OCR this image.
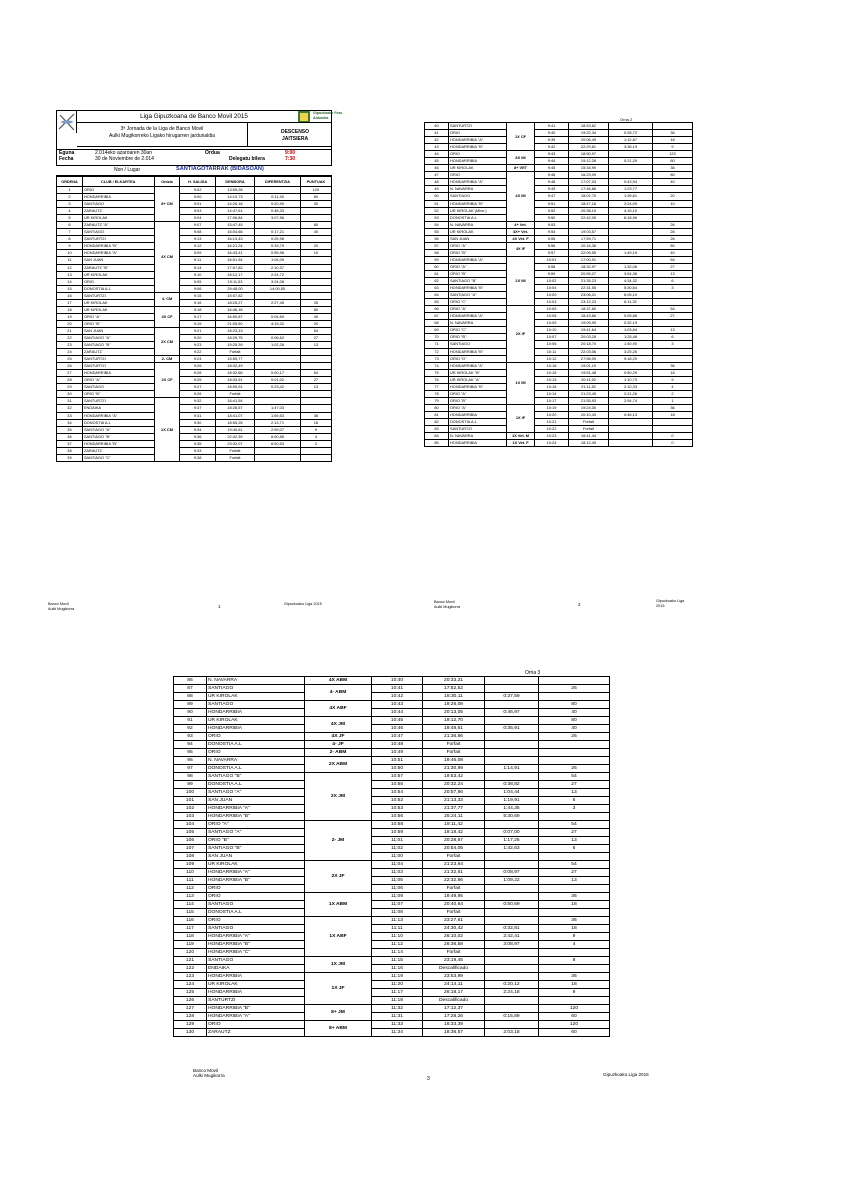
Liga Gipuzkoana de Banco Movil 2015	Gipuzkoako Foru Aldundia
3ª Jornada de la Liga de Banco Movil
Aulki Mugikorreko Ligako hirugarren jardunaldia
DESCENSO
JAITSIERA
Eguna	2.014eko azaroaren 30an	Ordua	9:00
Fecha	30 de Noviembre de 2.014	Delegatu bilera	7:30
Non / Lugar	SANTIAGOTARRAK (BIDASOAN)
ORDENA	CLUB / ELKARTEA	Ontzia	H. SALIDA	DENBORA	DIFERENTZIA	PUNTUAK
1	ORIO	8+ CM	9:02	13:59,28		120
2	HONDARRIBIA		9:00	14:10,73	0:11,45	60
3	SANTIAGO		9:01	14:26,18	0:20,90	30
4	ZARAUTZ		9:03	14:47,61	0:48,33	
5	UR KIROLAK		9:04	17:06,84	3:07,56	
6	ZARAUTZ "A"	4X CM	9:07	15:47,45		80
7	SANTIAGO		9:08	16:04,66	0:17,21	40
8	SANTURTZI		9:13	16:13,43	0:25,98	
9	HONDARRIBIA "B"		9:12	16:21,24	0:33,79	20
10	HONDARRIBIA "A"		9:09	16:43,41	0:55,96	10
11	SAN JUAN		9:11	16:51,54	1:04,09	
12	ZARAUTZ "B"		9:14	17:57,82	2:10,37	
13	UR KIROLAK		9:10	18:12,17	2:24,72	
14	ORIO		9:05	19:11,53	3:24,08	
15	DONOSTIA A.L		9:06	29:48,00	14:00,55	
16	SANTURTZI	4- CM	9:15	15:57,82		
17	UR KIROLAK		9:16	18:25,27	2:27,45	26
18	UR KIROLAK	4X CF	9:18	16:46,18		80
19	ORIO "A"		9:17	16:50,87	0:04,69	40
20	ORIO "B"		9:19	21:05,50	4:19,32	20
21	SAN JUAN	2X CM	9:21	18:23,13		54
22	SANTIAGO "A"		9:20	18:29,75	0:06,62	27
23	SANTIAGO "B"		9:23	19:25,39	1:02,26	13
24	ZARAUTZ		9:22	Forfait		
25	SANTURTZI	2- CM	9:24	15:55,77		
26	SANTURTZI	2X CF	9:26	18:32,49		
27	HONDARRIBIA		9:28	18:32,66	0:00,17	54
28	ORIO "A"		9:25	18:33,51	0:01,02	27
29	SANTIAGO		9:27	18:55,91	0:23,42	13
30	ORIO "B"		9:26	Forfait		
31	SANTURTZI	1X CM	9:32	16:41,54		
32	ENDAIKA		9:37	18:28,57	1:47,03	
33	HONDARRIBIA "A"		9:31	18:41,07	1:59,53	36
34	DONOSTIA A.L		9:30	18:55,25	2:13,71	18
35	SANTIAGO "A"		9:34	19:40,61	2:59,07	9
36	SANTIAGO "B"		9:36	22:42,39	6:00,85	4
37	HONDARRIBIA "B"		9:35	23:32,07	6:50,53	2
38	ZARAUTZ		9:33	Forfait		
39	SANTIAGO "C"		9:38	Forfait		
Banco Movil
Aulki Mugikorra	1	Gipuzkoako Liga 2015
Orria 2
40	SANTURTZI	1X CF	9:41	18:53,62		
41	ORIO		9:40	19:22,34	0:28,72	36
42	HONDARRIBIA "A"		9:39	20:06,49	1:12,87	18
43	HONDARRIBIA "B"		9:42	22:29,81	3:36,19	9
44	ORIO	8X IM	9:43	18:50,97		120
45	HONDARRIBIA		9:44	19:12,26	0:21,29	60
46	UR KIROLAK	8+ VET	9:45	15:34,99		36
47	ORIO	4X IM	9:46	16:23,09		80
48	HONDARRIBIA "A"		9:48	17:07,03	0:43,94	40
49	N. NAVARRA		9:49	17:46,86	1:23,77	
50	SANTIAGO		9:47	18:02,70	1:39,61	20
51	HONDARRIBIA "B"		9:51	18:47,18	2:24,09	10
52	UR KIROLAK (Mixe.)		9:52	20:38,19	4:15,10	
53	DONOSTIA A.L		9:50	22:42,05	6:18,96	
54	N. NAVARRA	4+ Vet.	9:53			26
55	UR KIROLAK	4X+ Vet.	9:54	19:03,57		26
56	SAN JUAN	4X Vet. F	9:55	17:59,71		26
57	ORIO "A"	4X IF	9:56	20:16,36		80
58	ORIO "B"		9:57	22:05,55	1:49,19	40
59	HONDARRIBIA "A"	2X IM	10:01	17:00,91		54
60	ORIO "A"		9:58	18:32,97	1:32,06	27
61	ORIO "B"		9:59	20:55,27	3:54,36	13
62	SANTIAGO "B"		10:02	21:35,23	4:34,32	6
63	HONDARRIBIA "B"		10:04	22:31,55	5:30,64	3
64	SANTIAGO "A"		10:00	23:06,01	6:05,10	
65	ORIO "C"		10:03	23:12,23	6:11,32	
66	ORIO "A"	2X IF	10:05	18:37,80		54
67	HONDARRIBIA "A"		10:08	18:43,66	0:05,86	27
68	N. NAVARRA		10:09	19:09,99	0:32,19	
69	ORIO "C"		10:10	19:41,64	1:03,84	13
70	ORIO "B"		10:07	20:03,28	1:25,48	6
71	SANTIAGO		10:06	20:18,70	1:40,90	3
72	HONDARRIBIA "B"		10:11	22:03,06	3:25,26	
73	ORIO "D"		10:12	27:56,09	9:18,29	
74	HONDARRIBIA "A"	1X IM	10:16	19:01,19		36
75	UR KIROLAK "B"		10:15	19:51,48	0:50,29	18
76	UR KIROLAK "A"		10:13	20:11,92	1:10,73	9
77	HONDARRIBIA "B"		10:18	21:11,52	2:10,33	4
78	ORIO "A"		10:14	21:23,45	2:21,26	2
79	ORIO "B"		10:17	21:55,93	2:54,74	1
80	ORIO "A"	1X IF	10:19	19:24,30		36
81	HONDARRIBIA		10:20	20:10,43	0:46,13	18
82	DONOSTIA A.L		10:21	Forfait		
83	SANTURTZI		10:22	Forfait		
84	N. NAVARRA	1X Vet. M	10:23	16:41,44		0
85	HONDARRIBIA	1X Vet. F	10:24	18:12,49		0
Banco Movil
Aulki Mugikorra	2
Gipuzkoako Liga 2015
Orria 3
86	N. NAVARRA	4X ABM	10:40	20:33,21		
87	SANTIAGO	4- ABM	10:41	17:52,52		26
88	UR KIROLAK		10:42	18:30,11	0:37,59	
89	SANTIAGO	4X ABF	10:43	19:26,08		80
90	HONDARRIBIA		10:44	20:13,05	0:46,97	40
91	UR KIROLAK	4X JM	10:45	19:12,70		80
92	HONDARRIBIA		10:46	19:48,61	0:35,91	40
93	ORIO	4X JF	10:47	21:36,86		26
94	DONOSTIA A.L	4- JF	10:48	Forfait		
95	ORIO	2- ABM	10:49	Forfait		
96	N. NAVARRA	2X ABM	10:51	19:46,08		
97	DONOSTIA A.L		10:50	21:30,99	1:14,91	26
98	SANTIAGO "B"	2X JM	10:57	19:53,42		54
99	DONOSTIA A.L		10:55	20:32,24	0:38,82	27
100	SANTIAGO "A"		10:54	20:57,86	1:04,44	13
101	SAN JUAN		10:52	21:13,33	1:19,91	6
102	HONDARRIBIA "A"		10:53	21:37,77	1:44,35	3
103	HONDARRIBIA "B"		10:56	25:24,11	5:30,69	
104	ORIO "A"	2- JM	10:58	19:11,42		54
105	SANTIAGO "A"		10:59	19:18,42	0:07,00	27
106	ORIO "B"		11:01	20:28,67	1:17,25	13
107	SANTIAGO "B"		11:02	20:54,05	1:42,63	6
108	SAN JUAN		11:00	Forfait		
109	UR KIROLAK	2X JF	11:04	21:23,64		54
110	HONDARRIBIA "A"		11:03	21:32,61	0:08,97	27
111	HONDARRIBIA "B"		11:05	22:32,86	1:09,22	13
112	ORIO		11:06	Forfait		
113	ORIO	1X ABM	11:09	19:49,95		36
114	SANTIAGO		11:07	20:40,64	0:50,69	18
115	DONOSTIA A.L		11:08	Forfait		
116	ORIO	1X ABF	11:13	23:27,61		36
117	SANTIAGO		11:11	24:30,42	0:32,81	18
118	HONDARRIBIA "A"		11:10	26:10,02	2:42,41	9
119	HONDARRIBIA "B"		11:12	26:36,58	3:08,97	4
120	HONDARRIBIA "C"		11:14	Forfait		
121	SANTIAGO	1X JM	11:15	23:19,45		8
122	ENDAIKA		11:16	Descalificado		
123	HONDARRIBIA	1X JF	11:19	23:53,99		36
124	UR KIROLAK		11:20	24:14,11	0:20,12	18
125	HONDARRIBIA		11:17	26:18,17	2:24,18	9
126	SANTURTZI		11:18	Descalificado		
127	HONDARRIBIA "B"	8+ JM	11:32	17:12,37		120
128	HONDARRIBIA "A"		11:31	17:28,26	0:15,89	60
129	ORIO	8+ ABM	11:33	16:33,39		120
130	ZARAUTZ		11:34	18:36,57	2:03,18	60
Banco Movil
Aulki Mugikorra
3
Gipuzkoako Liga 2015
